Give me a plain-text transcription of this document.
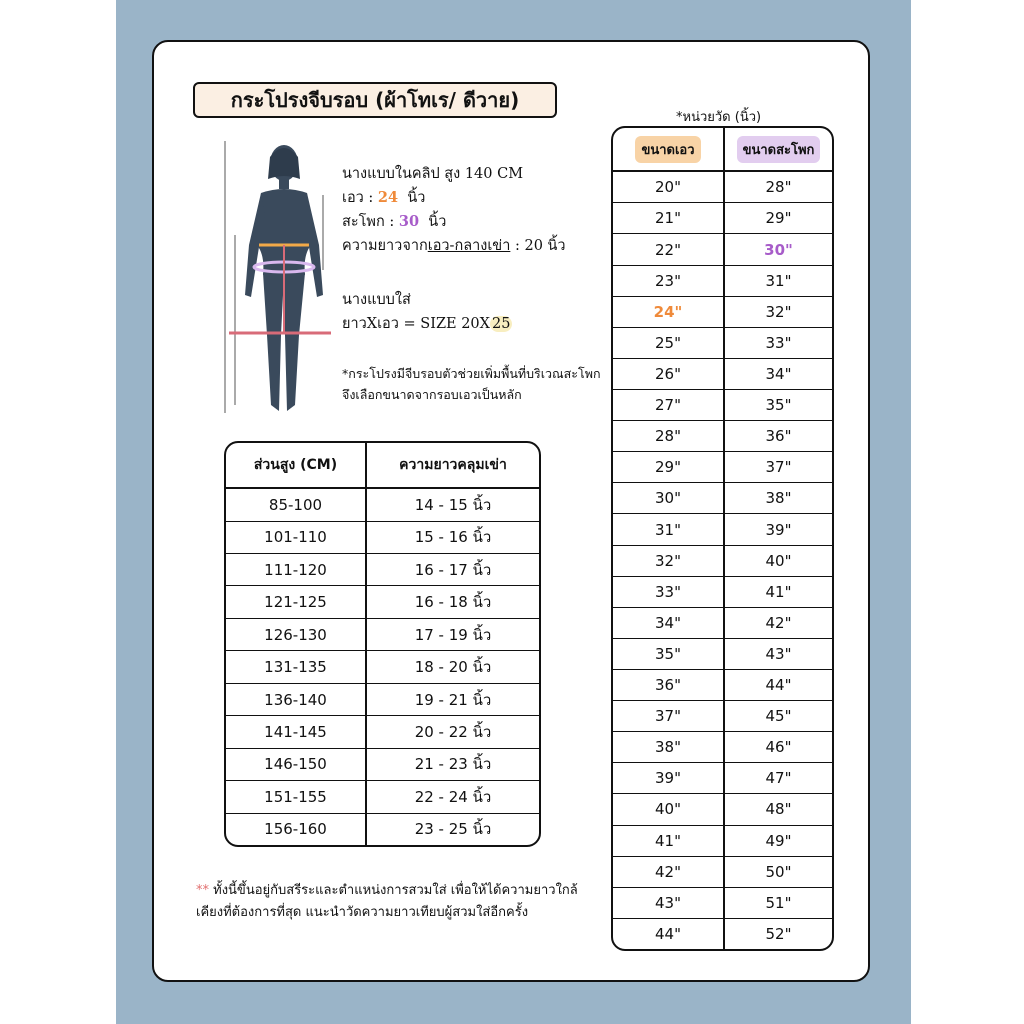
กระโปรงจีบรอบ (ผ้าโทเร/ ดีวาย)
*หน่วยวัด (นิ้ว)
นางแบบในคลิป สูง 140 CM
เอว : 24 นิ้ว
สะโพก : 30 นิ้ว
ความยาวจากเอว-กลางเข่า : 20 นิ้ว
นางแบบใส่
ยาวXเอว = SIZE 20X 25
*กระโปรงมีจีบรอบตัวช่วยเพิ่มพื้นที่บริเวณสะโพก จึงเลือกขนาดจากรอบเอวเป็นหลัก
ส่วนสูง (CM)	ความยาวคลุมเข่า
85-100	14 - 15 นิ้ว
101-110	15 - 16 นิ้ว
111-120	16 - 17 นิ้ว
121-125	16 - 18 นิ้ว
126-130	17 - 19 นิ้ว
131-135	18 - 20 นิ้ว
136-140	19 - 21 นิ้ว
141-145	20 - 22 นิ้ว
146-150	21 - 23 นิ้ว
151-155	22 - 24 นิ้ว
156-160	23 - 25 นิ้ว
** ทั้งนี้ขึ้นอยู่กับสรีระและตำแหน่งการสวมใส่ เพื่อให้ได้ความยาวใกล้เคียงที่ต้องการที่สุด แนะนำวัดความยาวเทียบผู้สวมใส่อีกครั้ง
ขนาดเอว	ขนาดสะโพก
20"	28"
21"	29"
22"	30"
23"	31"
24"	32"
25"	33"
26"	34"
27"	35"
28"	36"
29"	37"
30"	38"
31"	39"
32"	40"
33"	41"
34"	42"
35"	43"
36"	44"
37"	45"
38"	46"
39"	47"
40"	48"
41"	49"
42"	50"
43"	51"
44"	52"
